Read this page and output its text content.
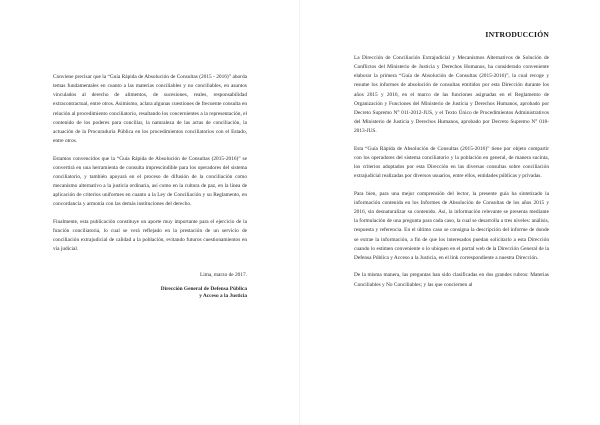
Conviene precisar que la “Guía Rápida de Absolución de Consultas (2015 - 2016)” aborda temas fundamentales en cuanto a las materias conciliables y no conciliables, en asuntos vinculados al derecho de alimentos, de sucesiones, reales, responsabilidad extracontractual, entre otros. Asimismo, aclara algunas cuestiones de frecuente consulta en relación al procedimiento conciliatorio, resaltando los concernientes a la representación, el contenido de los poderes para conciliar, la naturaleza de las actas de conciliación, la actuación de la Procuraduría Pública en los procedimientos conciliatorios con el Estado, entre otros.

Estamos convencidos que la “Guía Rápida de Absolución de Consultas (2015-2016)” se convertirá en una herramienta de consulta imprescindible para los operadores del sistema conciliatorio, y también apoyará en el proceso de difusión de la conciliación como mecanismo alternativo a la justicia ordinaria, así como en la cultura de paz, en la línea de aplicación de criterios uniformes en cuanto a la Ley de Conciliación y su Reglamento, en concordancia y armonía con las demás instituciones del derecho.

Finalmente, esta publicación constituye un aporte muy importante para el ejercicio de la función conciliatoria, lo cual se verá reflejado en la prestación de un servicio de conciliación extrajudicial de calidad a la población, evitando futuros cuestionamientos en vía judicial.

Lima, marzo de 2017.
Dirección General de Defensa Pública
y Acceso a la Justicia
INTRODUCCIÓN

La Dirección de Conciliación Extrajudicial y Mecanismos Alternativos de Solución de Conflictos del Ministerio de Justicia y Derechos Humanos, ha considerado conveniente elaborar la primera “Guía de Absolución de Consultas (2015-2016)”, la cual recoge y resume los informes de absolución de consultas emitidos por esta Dirección durante los años 2015 y 2016, en el marco de las funciones asignadas en el Reglamento de Organización y Funciones del Ministerio de Justicia y Derechos Humanos, aprobado por Decreto Supremo N° 011-2012-JUS, y el Texto Único de Procedimientos Administrativos del Ministerio de Justicia y Derechos Humanos, aprobado por Decreto Supremo N° 018-2013-JUS.

Esta “Guía Rápida de Absolución de Consultas (2015-2016)” tiene por objeto compartir con los operadores del sistema conciliatorio y la población en general, de manera sucinta, los criterios adoptados por esta Dirección en las diversas consultas sobre conciliación extrajudicial realizadas por diversos usuarios, entre ellos, entidades públicas y privadas.

Para bien, para una mejor comprensión del lector, la presente guía ha sintetizado la información contenida en los Informes de Absolución de Consultas de los años 2015 y 2016, sin desnaturalizar su contenido. Así, la información relevante se presenta mediante la formulación de una pregunta para cada caso, la cual se desarrolla a tres niveles: análisis, respuesta y referencia. En el último caso se consigna la descripción del informe de donde se extrae la información, a fin de que los interesados puedan solicitarlo a esta Dirección cuando lo estimen conveniente o lo ubiquen en el portal web de la Dirección General de la Defensa Pública y Acceso a la Justicia, en el link correspondiente a nuestra Dirección.

De la misma manera, las preguntas han sido clasificadas en dos grandes rubros: Materias Conciliables y No Conciliables; y las que conciernen al
